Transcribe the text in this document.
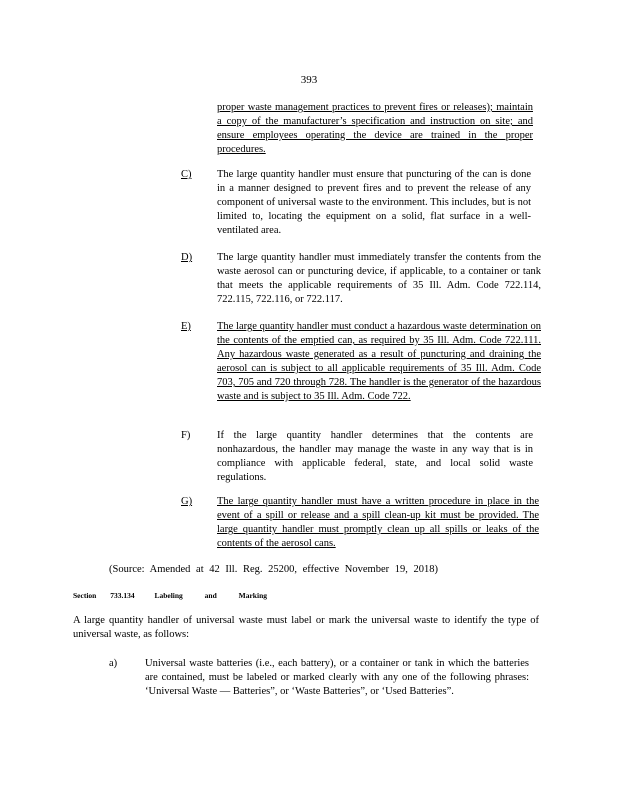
393
proper waste management practices to prevent fires or releases); maintain a copy of the manufacturer’s specification and instruction on site; and ensure employees operating the device are trained in the proper procedures.
C) The large quantity handler must ensure that puncturing of the can is done in a manner designed to prevent fires and to prevent the release of any component of universal waste to the environment. This includes, but is not limited to, locating the equipment on a solid, flat surface in a well-ventilated area.
D) The large quantity handler must immediately transfer the contents from the waste aerosol can or puncturing device, if applicable, to a container or tank that meets the applicable requirements of 35 Ill. Adm. Code 722.114, 722.115, 722.116, or 722.117.
E) The large quantity handler must conduct a hazardous waste determination on the contents of the emptied can, as required by 35 Ill. Adm. Code 722.111. Any hazardous waste generated as a result of puncturing and draining the aerosol can is subject to all applicable requirements of 35 Ill. Adm. Code 703, 705 and 720 through 728. The handler is the generator of the hazardous waste and is subject to 35 Ill. Adm. Code 722.
F)	If the large quantity handler determines that the contents are nonhazardous, the handler may manage the waste in any way that is in compliance with applicable federal, state, and local solid waste regulations.
G) The large quantity handler must have a written procedure in place in the event of a spill or release and a spill clean-up kit must be provided. The large quantity handler must promptly clean up all spills or leaks of the contents of the aerosol cans.
(Source: Amended at 42 Ill. Reg. 25200, effective November 19, 2018)
Section 733.134	Labeling and Marking
A large quantity handler of universal waste must label or mark the universal waste to identify the type of universal waste, as follows:
a)	Universal waste batteries (i.e., each battery), or a container or tank in which the batteries are contained, must be labeled or marked clearly with any one of the following phrases: ‘Universal Waste — Batteries”, or ‘Waste Batteries”, or ‘Used Batteries”.
